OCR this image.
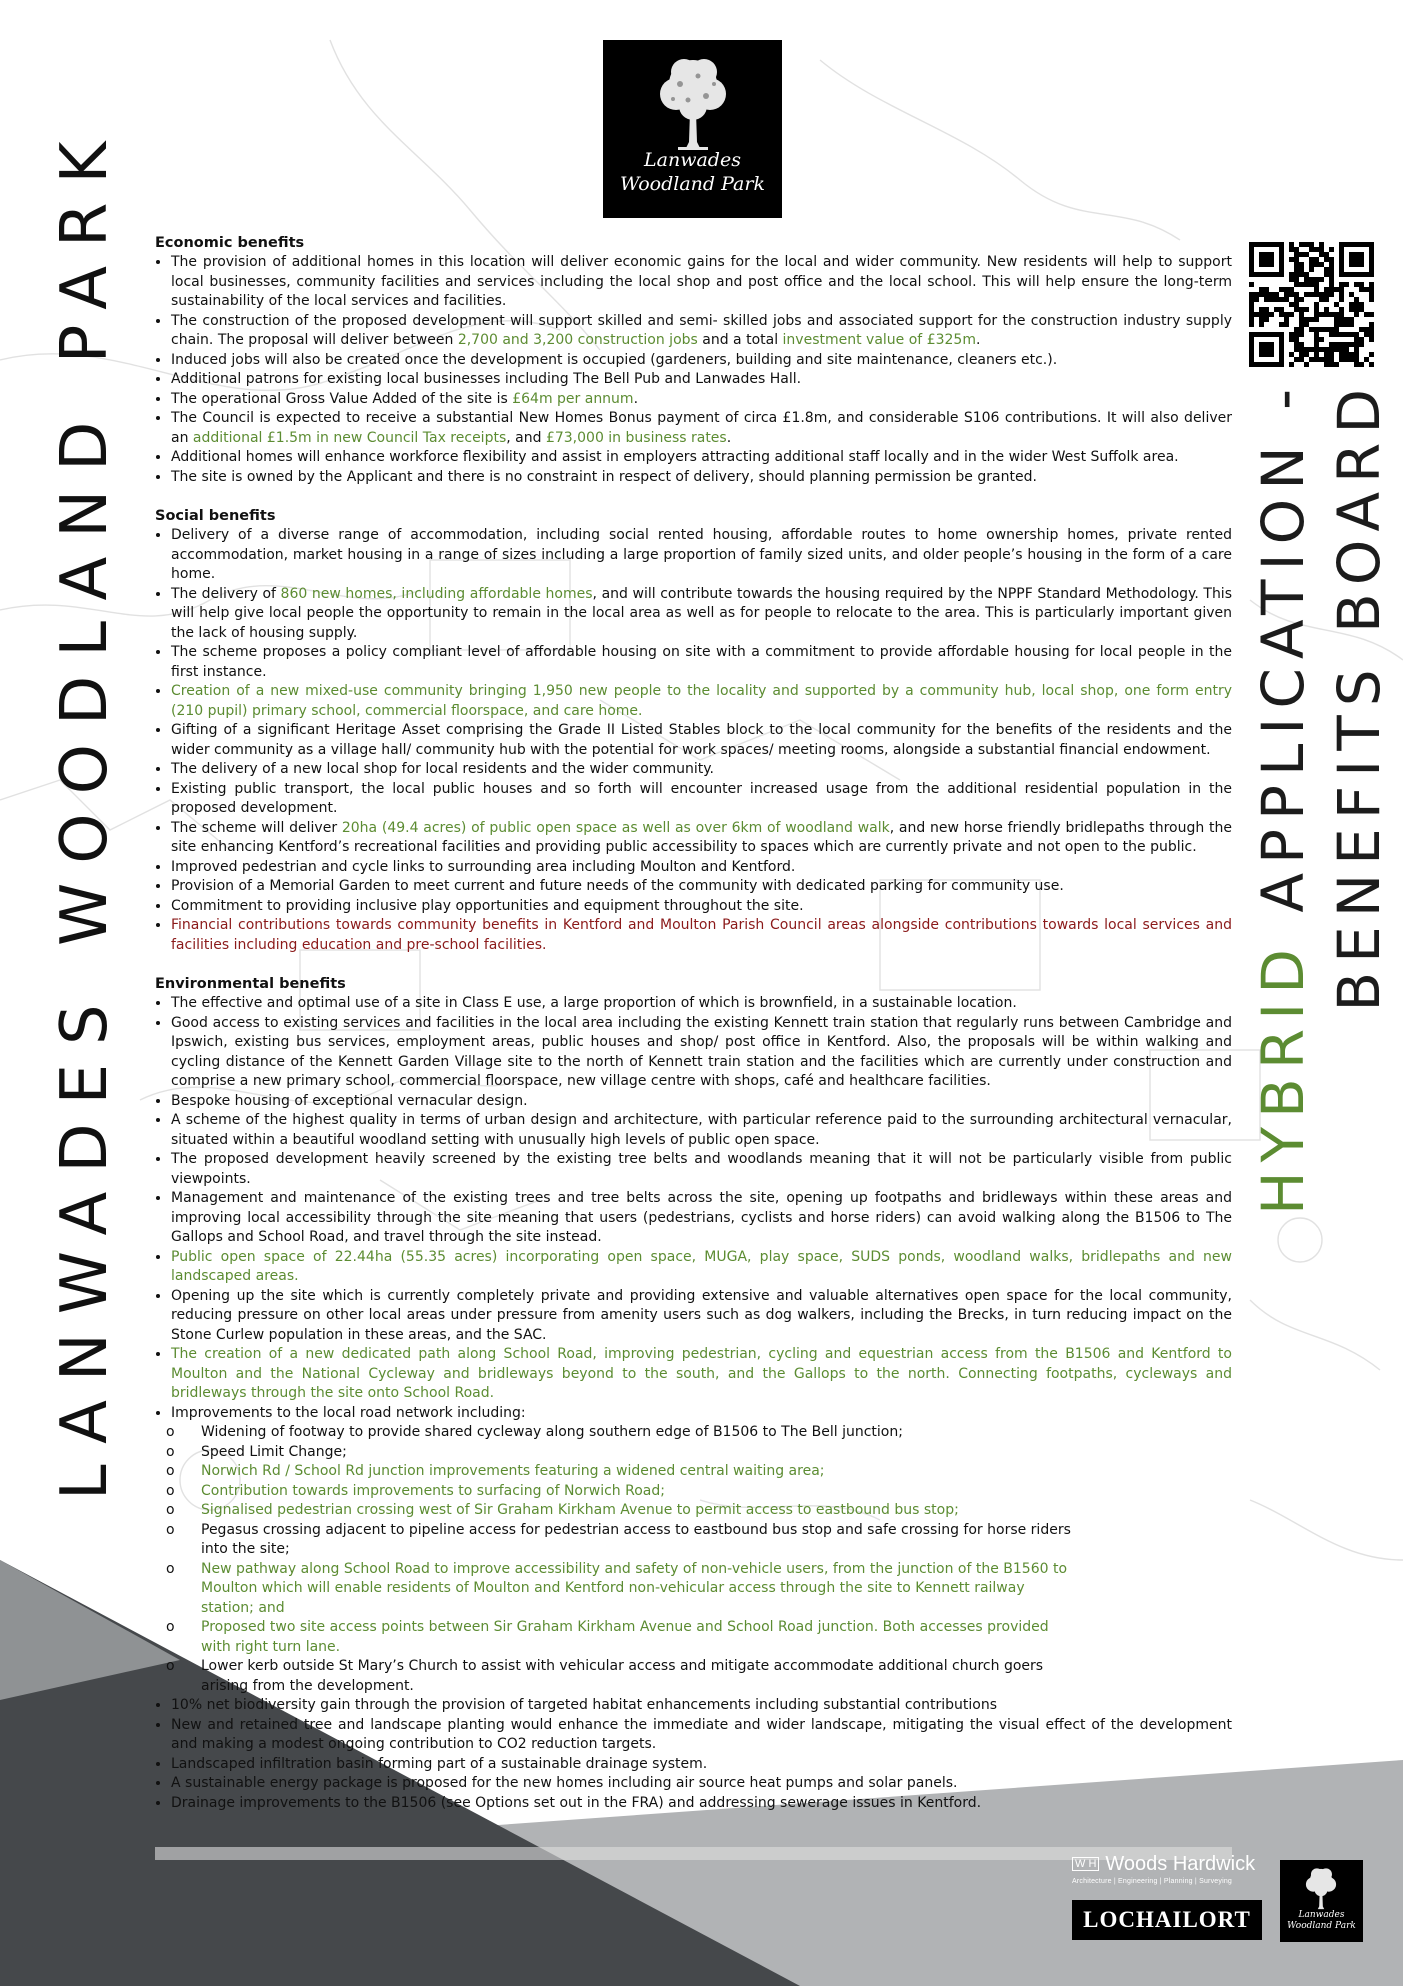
Lanwades
Woodland Park
LANWADES WOODLAND PARK	HYBRID APPLICATION - BENEFITS BOARD
Economic benefits
• The provision of additional homes in this location will deliver economic gains for the local and wider community. New residents will help to support local businesses, community facilities and services including the local shop and post office and the local school. This will help ensure the long-term sustainability of the local services and facilities.
• The construction of the proposed development will support skilled and semi- skilled jobs and associated support for the construction industry supply chain. The proposal will deliver between 2,700 and 3,200 construction jobs and a total investment value of £325m.
• Induced jobs will also be created once the development is occupied (gardeners, building and site maintenance, cleaners etc.).
• Additional patrons for existing local businesses including The Bell Pub and Lanwades Hall.
• The operational Gross Value Added of the site is £64m per annum.
• The Council is expected to receive a substantial New Homes Bonus payment of circa £1.8m, and considerable S106 contributions. It will also deliver an additional £1.5m in new Council Tax receipts, and £73,000 in business rates.
• Additional homes will enhance workforce flexibility and assist in employers attracting additional staff locally and in the wider West Suffolk area.
• The site is owned by the Applicant and there is no constraint in respect of delivery, should planning permission be granted.
Social benefits
• Delivery of a diverse range of accommodation, including social rented housing, affordable routes to home ownership homes, private rented accommodation, market housing in a range of sizes including a large proportion of family sized units, and older people’s housing in the form of a care home.
• The delivery of 860 new homes, including affordable homes, and will contribute towards the housing required by the NPPF Standard Methodology. This will help give local people the opportunity to remain in the local area as well as for people to relocate to the area. This is particularly important given the lack of housing supply.
• The scheme proposes a policy compliant level of affordable housing on site with a commitment to provide affordable housing for local people in the first instance.
• Creation of a new mixed-use community bringing 1,950 new people to the locality and supported by a community hub, local shop, one form entry (210 pupil) primary school, commercial floorspace, and care home.
• Gifting of a significant Heritage Asset comprising the Grade II Listed Stables block to the local community for the benefits of the residents and the wider community as a village hall/ community hub with the potential for work spaces/ meeting rooms, alongside a substantial financial endowment.
• The delivery of a new local shop for local residents and the wider community.
• Existing public transport, the local public houses and so forth will encounter increased usage from the additional residential population in the proposed development.
• The scheme will deliver 20ha (49.4 acres) of public open space as well as over 6km of woodland walk, and new horse friendly bridlepaths through the site enhancing Kentford’s recreational facilities and providing public accessibility to spaces which are currently private and not open to the public.
• Improved pedestrian and cycle links to surrounding area including Moulton and Kentford.
• Provision of a Memorial Garden to meet current and future needs of the community with dedicated parking for community use.
• Commitment to providing inclusive play opportunities and equipment throughout the site.
• Financial contributions towards community benefits in Kentford and Moulton Parish Council areas alongside contributions towards local services and facilities including education and pre-school facilities.
Environmental benefits
• The effective and optimal use of a site in Class E use, a large proportion of which is brownfield, in a sustainable location.
• Good access to existing services and facilities in the local area including the existing Kennett train station that regularly runs between Cambridge and Ipswich, existing bus services, employment areas, public houses and shop/ post office in Kentford. Also, the proposals will be within walking and cycling distance of the Kennett Garden Village site to the north of Kennett train station and the facilities which are currently under construction and comprise a new primary school, commercial floorspace, new village centre with shops, café and healthcare facilities.
• Bespoke housing of exceptional vernacular design.
• A scheme of the highest quality in terms of urban design and architecture, with particular reference paid to the surrounding architectural vernacular, situated within a beautiful woodland setting with unusually high levels of public open space.
• The proposed development heavily screened by the existing tree belts and woodlands meaning that it will not be particularly visible from public viewpoints.
• Management and maintenance of the existing trees and tree belts across the site, opening up footpaths and bridleways within these areas and improving local accessibility through the site meaning that users (pedestrians, cyclists and horse riders) can avoid walking along the B1506 to The Gallops and School Road, and travel through the site instead.
• Public open space of 22.44ha (55.35 acres) incorporating open space, MUGA, play space, SUDS ponds, woodland walks, bridlepaths and new landscaped areas.
• Opening up the site which is currently completely private and providing extensive and valuable alternatives open space for the local community, reducing pressure on other local areas under pressure from amenity users such as dog walkers, including the Brecks, in turn reducing impact on the Stone Curlew population in these areas, and the SAC.
• The creation of a new dedicated path along School Road, improving pedestrian, cycling and equestrian access from the B1506 and Kentford to Moulton and the National Cycleway and bridleways beyond to the south, and the Gallops to the north. Connecting footpaths, cycleways and bridleways through the site onto School Road.
• Improvements to the local road network including:
o Widening of footway to provide shared cycleway along southern edge of B1506 to The Bell junction;
o Speed Limit Change;
o Norwich Rd / School Rd junction improvements featuring a widened central waiting area;
o Contribution towards improvements to surfacing of Norwich Road;
o Signalised pedestrian crossing west of Sir Graham Kirkham Avenue to permit access to eastbound bus stop;
o Pegasus crossing adjacent to pipeline access for pedestrian access to eastbound bus stop and safe crossing for horse riders into the site;
o New pathway along School Road to improve accessibility and safety of non-vehicle users, from the junction of the B1560 to Moulton which will enable residents of Moulton and Kentford non-vehicular access through the site to Kennett railway station; and
o Proposed two site access points between Sir Graham Kirkham Avenue and School Road junction. Both accesses provided with right turn lane.
o Lower kerb outside St Mary’s Church to assist with vehicular access and mitigate accommodate additional church goers arising from the development.
• 10% net biodiversity gain through the provision of targeted habitat enhancements including substantial contributions
• New and retained tree and landscape planting would enhance the immediate and wider landscape, mitigating the visual effect of the development and making a modest ongoing contribution to CO2 reduction targets.
• Landscaped infiltration basin forming part of a sustainable drainage system.
• A sustainable energy package is proposed for the new homes including air source heat pumps and solar panels.
• Drainage improvements to the B1506 (see Options set out in the FRA) and addressing sewerage issues in Kentford.
W H Woods Hardwick
Architecture | Engineering | Planning | Surveying
LOCHAILORT	Lanwades
Woodland Park
